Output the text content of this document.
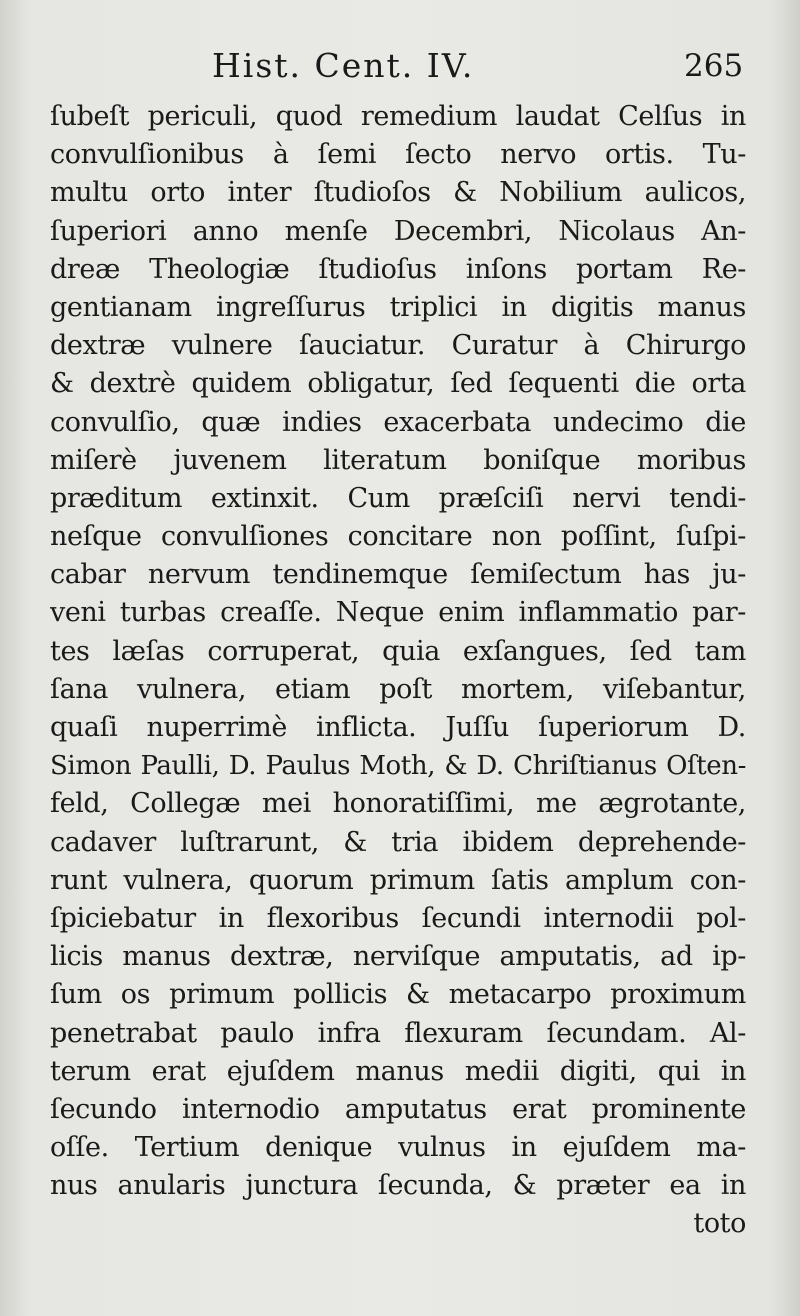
Hist. Cent. IV.	265
ſubeſt periculi, quod remedium laudat Celſus in
convulſionibus à ſemi ſecto nervo ortis. Tu-
multu orto inter ſtudioſos & Nobilium aulicos,
ſuperiori anno menſe Decembri, Nicolaus An-
dreæ Theologiæ ſtudioſus inſons portam Re-
gentianam ingreſſurus triplici in digitis manus
dextræ vulnere ſauciatur. Curatur à Chirurgo
& dextrè quidem obligatur, ſed ſequenti die orta
convulſio, quæ indies exacerbata undecimo die
miſerè juvenem literatum boniſque moribus
præditum extinxit. Cum præſciſi nervi tendi-
neſque convulſiones concitare non poſſint, ſuſpi-
cabar nervum tendinemque ſemiſectum has ju-
veni turbas creaſſe. Neque enim inflammatio par-
tes læſas corruperat, quia exſangues, ſed tam
ſana vulnera, etiam poſt mortem, viſebantur,
quaſi nuperrimè inflicta. Juſſu ſuperiorum D.
Simon Paulli, D. Paulus Moth, & D. Chriſtianus Oſten-
feld, Collegæ mei honoratiſſimi, me ægrotante,
cadaver luſtrarunt, & tria ibidem deprehende-
runt vulnera, quorum primum ſatis amplum con-
ſpiciebatur in flexoribus ſecundi internodii pol-
licis manus dextræ, nerviſque amputatis, ad ip-
ſum os primum pollicis & metacarpo proximum
penetrabat paulo infra flexuram ſecundam. Al-
terum erat ejuſdem manus medii digiti, qui in
ſecundo internodio amputatus erat prominente
oſſe. Tertium denique vulnus in ejuſdem ma-
nus anularis junctura ſecunda, & præter ea in
toto
